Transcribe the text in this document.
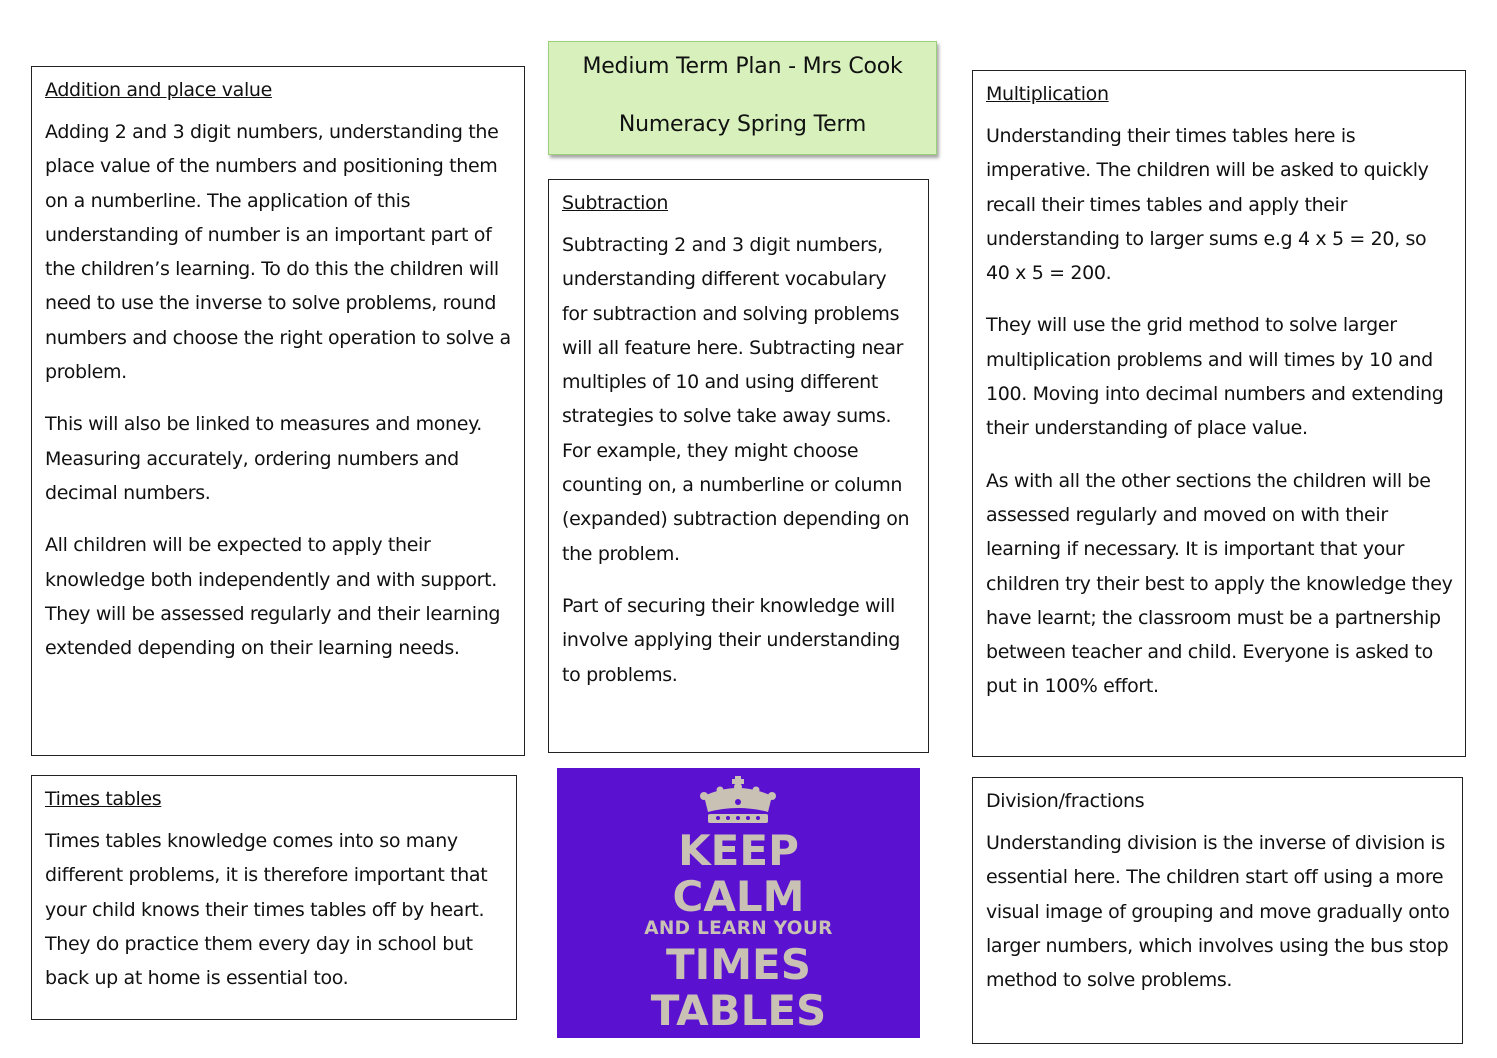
Medium Term Plan - Mrs Cook
Numeracy Spring Term
Addition and place value

Adding 2 and 3 digit numbers, understanding the place value of the numbers and positioning them on a numberline. The application of this understanding of number is an important part of the children’s learning. To do this the children will need to use the inverse to solve problems, round numbers and choose the right operation to solve a problem.

This will also be linked to measures and money. Measuring accurately, ordering numbers and decimal numbers.

All children will be expected to apply their knowledge both independently and with support. They will be assessed regularly and their learning extended depending on their learning needs.

Subtraction

Subtracting 2 and 3 digit numbers, understanding different vocabulary for subtraction and solving problems will all feature here. Subtracting near multiples of 10 and using different strategies to solve take away sums. For example, they might choose counting on, a numberline or column (expanded) subtraction depending on the problem.

Part of securing their knowledge will involve applying their understanding to problems.

Multiplication

Understanding their times tables here is imperative. The children will be asked to quickly recall their times tables and apply their understanding to larger sums e.g 4 x 5 = 20, so 40 x 5 = 200.

They will use the grid method to solve larger multiplication problems and will times by 10 and 100. Moving into decimal numbers and extending their understanding of place value.

As with all the other sections the children will be assessed regularly and moved on with their learning if necessary. It is important that your children try their best to apply the knowledge they have learnt; the classroom must be a partnership between teacher and child. Everyone is asked to put in 100% effort.

Times tables

Times tables knowledge comes into so many different problems, it is therefore important that your child knows their times tables off by heart. They do practice them every day in school but back up at home is essential too.

Division/fractions

Understanding division is the inverse of division is essential here. The children start off using a more visual image of grouping and move gradually onto larger numbers, which involves using the bus stop method to solve problems.

KEEP
CALM
AND LEARN YOUR
TIMES
TABLES
